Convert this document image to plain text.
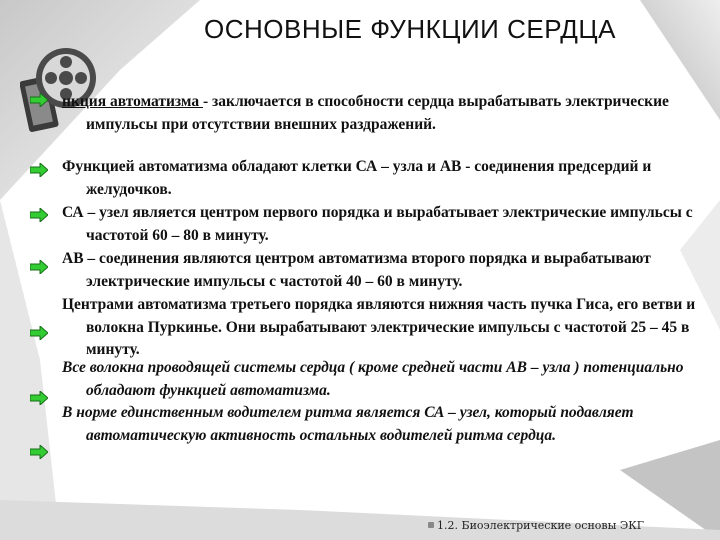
ОСНОВНЫЕ ФУНКЦИИ СЕРДЦА
нкция автоматизма - заключается в способности сердца вырабатывать электрические импульсы при отсутствии внешних раздражений.
Функцией автоматизма обладают клетки СА – узла и АВ - соединения предсердий и желудочков.
СА – узел является центром первого порядка и вырабатывает электрические импульсы с частотой 60 – 80 в минуту.
АВ – соединения являются центром автоматизма второго порядка и вырабатывают электрические импульсы с частотой 40 – 60 в минуту.
Центрами автоматизма третьего порядка являются нижняя часть пучка Гиса, его ветви и волокна Пуркинье. Они вырабатывают электрические импульсы с частотой 25 – 45 в минуту.
Все волокна проводящей системы сердца ( кроме средней части АВ – узла ) потенциально обладают функцией автоматизма.
В норме единственным водителем ритма является СА – узел, который подавляет автоматическую активность остальных водителей ритма сердца.
1.2. Биоэлектрические основы ЭКГ
